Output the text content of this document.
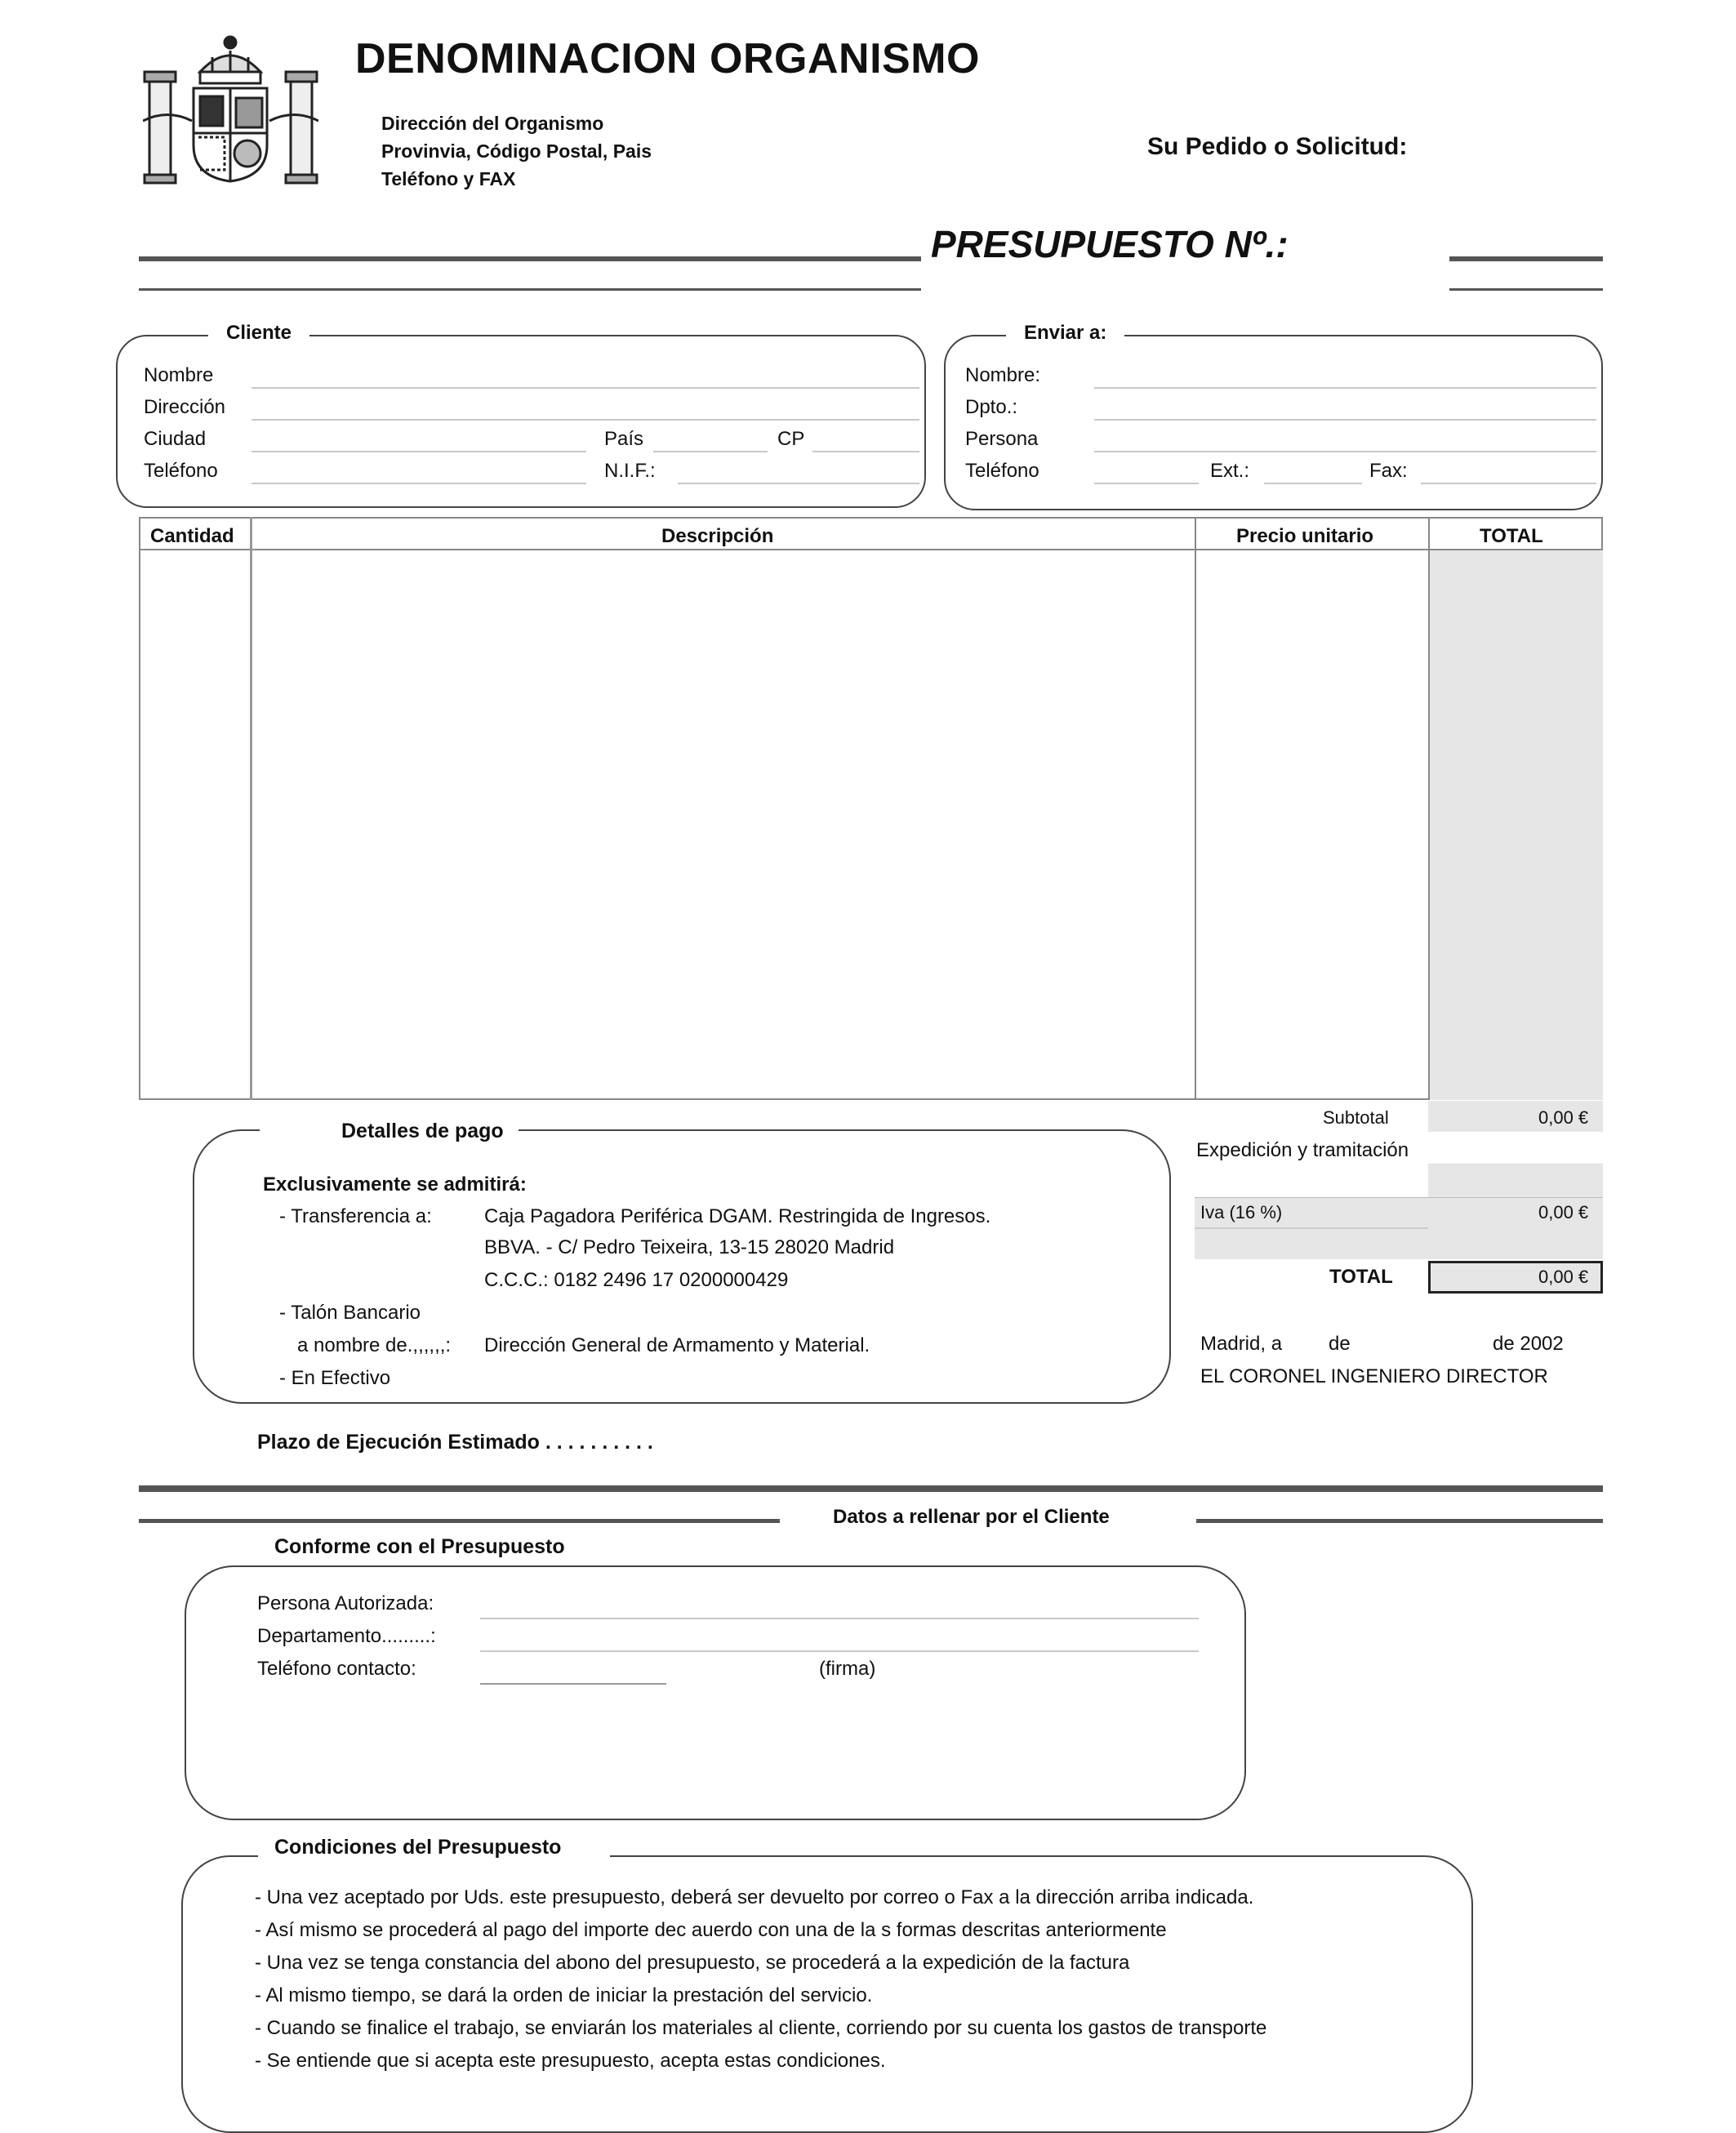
DENOMINACION ORGANISMO
Dirección del Organismo
Provinvia, Código Postal, Pais
Teléfono y FAX
Su Pedido o Solicitud:
PRESUPUESTO Nº.:
Cliente
Nombre
Dirección
Ciudad	País	CP
Teléfono	N.I.F.:
Enviar a:
Nombre:
Dpto.:
Persona
Teléfono	Ext.:	Fax:
Cantidad	Descripción	Precio unitario	TOTAL
Subtotal	0,00 €
Expedición y tramitación
Iva (16 %)	0,00 €
TOTAL	0,00 €
Madrid, a de	de 2002
EL CORONEL INGENIERO DIRECTOR
Detalles de pago
Exclusivamente se admitirá:
- Transferencia a:	Caja Pagadora Periférica DGAM. Restringida de Ingresos.
BBVA. - C/ Pedro Teixeira, 13-15 28020 Madrid
C.C.C.: 0182 2496 17 0200000429
- Talón Bancario
a nombre de.,,,,,,: Dirección General de Armamento y Material.
- En Efectivo
Plazo de Ejecución Estimado . . . . . . . . . .
Datos a rellenar por el Cliente
Conforme con el Presupuesto
Persona Autorizada:
Departamento.........:
Teléfono contacto:	(firma)
Condiciones del Presupuesto
- Una vez aceptado por Uds. este presupuesto, deberá ser devuelto por correo o Fax a la dirección arriba indicada.
- Así mismo se procederá al pago del importe dec auerdo con una de la s formas descritas anteriormente
- Una vez se tenga constancia del abono del presupuesto, se procederá a la expedición de la factura
- Al mismo tiempo, se dará la orden de iniciar la prestación del servicio.
- Cuando se finalice el trabajo, se enviarán los materiales al cliente, corriendo por su cuenta los gastos de transporte
- Se entiende que si acepta este presupuesto, acepta estas condiciones.
